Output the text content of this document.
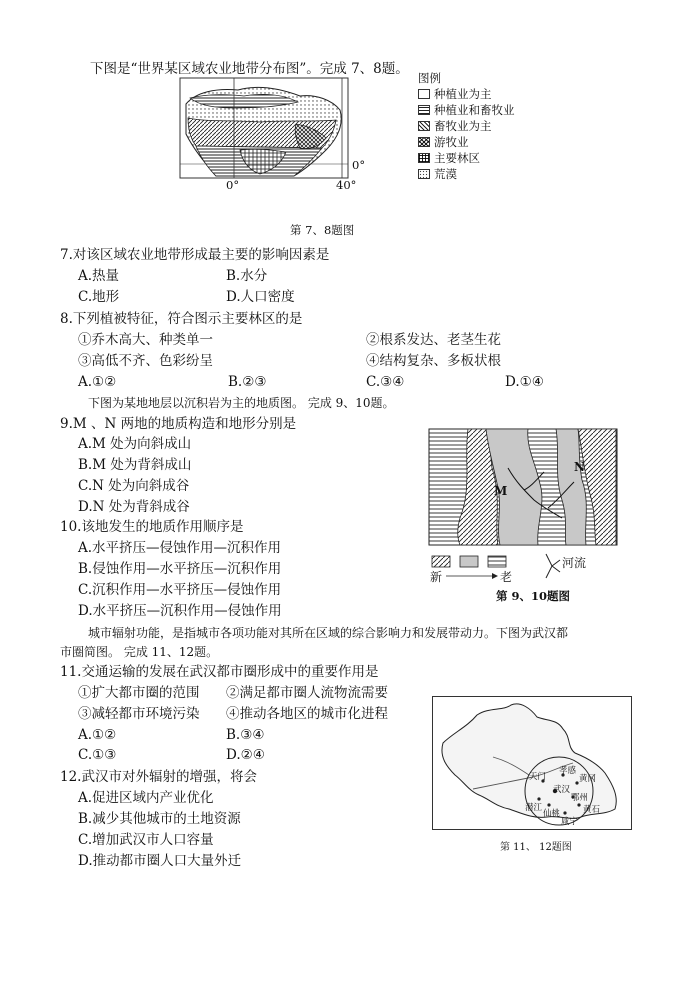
下图是“世界某区域农业地带分布图”。完成 7、8题。
0°	40°
0°
图例
种植业为主
种植业和畜牧业
畜牧业为主
游牧业
主要林区
荒漠
第 7、8题图
7.对该区域农业地带形成最主要的影响因素是
A.热量	B.水分
C.地形	D.人口密度
8.下列植被特征，符合图示主要林区的是
①乔木高大、种类单一	②根系发达、老茎生花
③高低不齐、色彩纷呈	④结构复杂、多板状根
A.①②	B.②③	C.③④	D.①④
下图为某地地层以沉积岩为主的地质图。 完成 9、10题。
9.M 、N 两地的地质构造和地形分别是
A.M 处为向斜成山
B.M 处为背斜成山
C.N 处为向斜成谷
D.N 处为背斜成谷
10.该地发生的地质作用顺序是
A.水平挤压—侵蚀作用—沉积作用
B.侵蚀作用—水平挤压—沉积作用
C.沉积作用—水平挤压—侵蚀作用
D.水平挤压—沉积作用—侵蚀作用
M
N
新	老
河流
第 9、10题图
城市辐射功能，是指城市各项功能对其所在区域的综合影响力和发展带动力。下图为武汉都
市圈简图。 完成 11、12题。
11.交通运输的发展在武汉都市圈形成中的重要作用是
①扩大都市圈的范围 ②满足都市圈人流物流需要
③减轻都市环境污染 ④推动各地区的城市化进程
A.①②	B.③④
C.①③	D.②④
12.武汉市对外辐射的增强，将会
A.促进区域内产业优化
B.减少其他城市的土地资源
C.增加武汉市人口容量
D.推动都市圈人口大量外迁
天门
孝感
黄冈
武汉
潜江
鄂州
黄石
仙桃
咸宁
第 11、 12题图
